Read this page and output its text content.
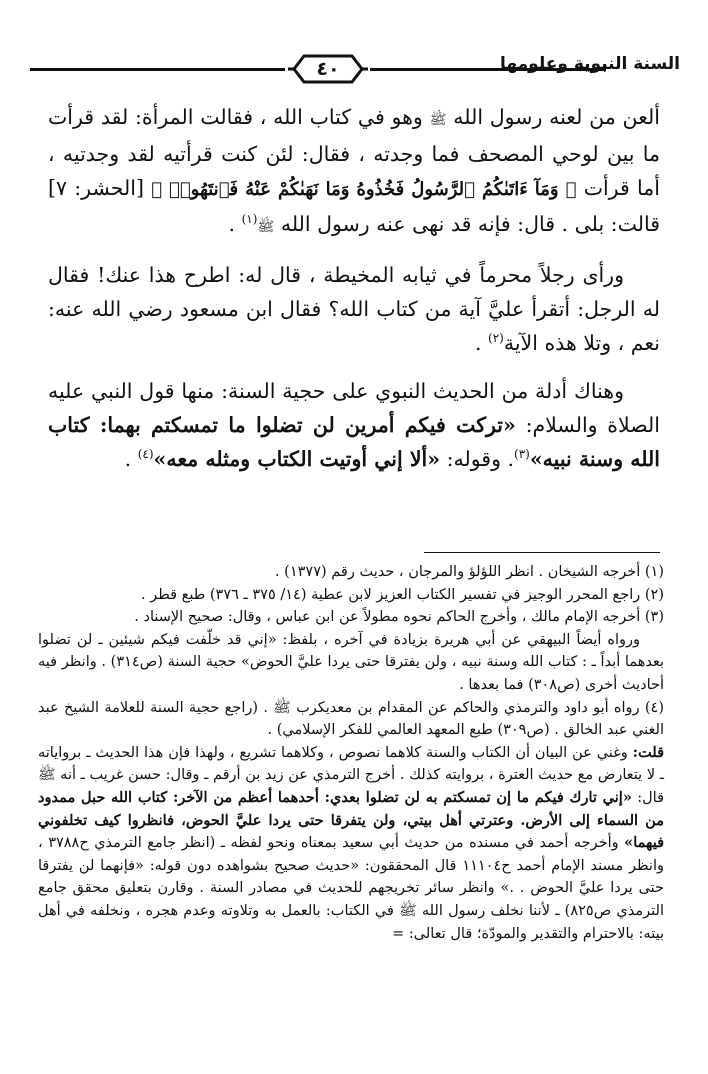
٤٠	السنة النبوية وعلومها

ألعن من لعنه رسول الله ﷺ وهو في كتاب الله ، فقالت المرأة: لقد قرأت ما بين لوحي المصحف فما وجدته ، فقال: لئن كنت قرأتيه لقد وجدتيه ، أما قرأت ﴿ وَمَآ ءَاتَىٰكُمُ ٱلرَّسُولُ فَخُذُوهُ وَمَا نَهَىٰكُمْ عَنْهُ فَٱنتَهُوا۟ ﴾ [الحشر: ٧] قالت: بلى . قال: فإنه قد نهى عنه رسول الله ﷺ$^{(١)}$ .

ورأى رجلاً محرماً في ثيابه المخيطة ، قال له: اطرح هذا عنك! فقال له الرجل: أتقرأ عليَّ آية من كتاب الله؟ فقال ابن مسعود رضي الله عنه: نعم ، وتلا هذه الآية$^{(٢)}$ .

وهناك أدلة من الحديث النبوي على حجية السنة: منها قول النبي عليه الصلاة والسلام: «تركت فيكم أمرين لن تضلوا ما تمسكتم بهما: كتاب الله وسنة نبيه»$^{(٣)}$. وقوله: «ألا إني أوتيت الكتاب ومثله معه»$^{(٤)}$ .

(١) أخرجه الشيخان . انظر اللؤلؤ والمرجان ، حديث رقم (١٣٧٧) .

(٢) راجع المحرر الوجيز في تفسير الكتاب العزيز لابن عطية (١٤/ ٣٧٥ ـ ٣٧٦) طبع قطر .

(٣) أخرجه الإمام مالك ، وأخرج الحاكم نحوه مطولاً عن ابن عباس ، وقال: صحيح الإسناد .

ورواه أيضاً البيهقي عن أبي هريرة بزيادة في آخره ، بلفظ: «إني قد خلّفت فيكم شيئين ـ لن تضلوا بعدهما أبداً ـ : كتاب الله وسنة نبيه ، ولن يفترقا حتى يردا عليَّ الحوض» حجية السنة (ص٣١٤) . وانظر فيه أحاديث أخرى (ص٣٠٨) فما بعدها .

(٤) رواه أبو داود والترمذي والحاكم عن المقدام بن معديكرب ﷺ . (راجع حجية السنة للعلامة الشيخ عبد الغني عبد الخالق . (ص٣٠٩) طبع المعهد العالمي للفكر الإسلامي) .

قلت: وغني عن البيان أن الكتاب والسنة كلاهما نصوص ، وكلاهما تشريع ، ولهذا فإن هذا الحديث ـ برواياته ـ لا يتعارض مع حديث العترة ، بروايته كذلك . أخرج الترمذي عن زيد بن أرقم ـ وقال: حسن غريب ـ أنه ﷺ قال: «إني تارك فيكم ما إن تمسكتم به لن تضلوا بعدي: أحدهما أعظم من الآخر: كتاب الله حبل ممدود من السماء إلى الأرض. وعترتي أهل بيتي، ولن يتفرقا حتى يردا عليَّ الحوض، فانظروا كيف تخلفوني فيهما» وأخرجه أحمد في مسنده من حديث أبي سعيد بمعناه ونحو لفظه ـ (انظر جامع الترمذي ح٣٧٨٨ ، وانظر مسند الإمام أحمد ح١١١٠٤ قال المحققون: «حديث صحيح بشواهده دون قوله: «فإنهما لن يفترقا حتى يردا عليَّ الحوض . .» وانظر سائر تخريجهم للحديث في مصادر السنة . وقارن بتعليق محقق جامع الترمذي ص٨٢٥) ـ لأننا نخلف رسول الله ﷺ في الكتاب: بالعمل به وتلاوته وعدم هجره ، ونخلفه في أهل بيته: بالاحترام والتقدير والمودّة؛ قال تعالى: =
